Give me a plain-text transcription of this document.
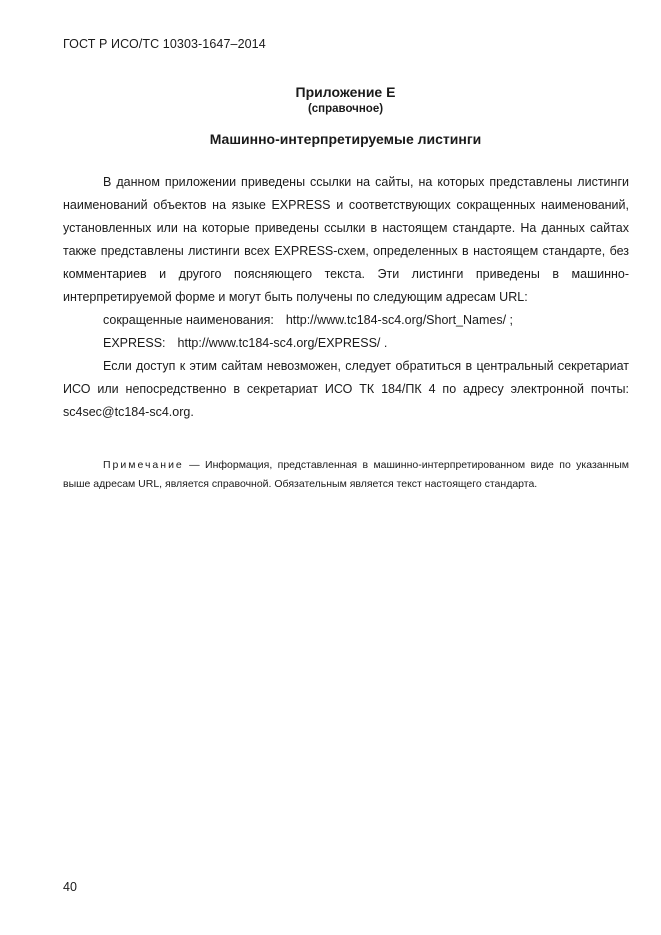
ГОСТ Р ИСО/ТС 10303-1647–2014
Приложение Е
(справочное)
Машинно-интерпретируемые листинги

В данном приложении приведены ссылки на сайты, на которых представлены листинги наименований объектов на языке EXPRESS и соответствующих сокращенных наименований, установленных или на которые приведены ссылки в настоящем стандарте. На данных сайтах также представлены листинги всех EXPRESS-схем, определенных в настоящем стандарте, без комментариев и другого поясняющего текста. Эти листинги приведены в машинно-интерпретируемой форме и могут быть получены по следующим адресам URL:

сокращенные наименования: http://www.tc184-sc4.org/Short_Names/ ;

EXPRESS: http://www.tc184-sc4.org/EXPRESS/ .

Если доступ к этим сайтам невозможен, следует обратиться в центральный секретариат ИСО или непосредственно в секретариат ИСО ТК 184/ПК 4 по адресу электронной почты: sc4sec@tc184-sc4.org.

Примечание — Информация, представленная в машинно-интерпретированном виде по указанным выше адресам URL, является справочной. Обязательным является текст настоящего стандарта.

40
